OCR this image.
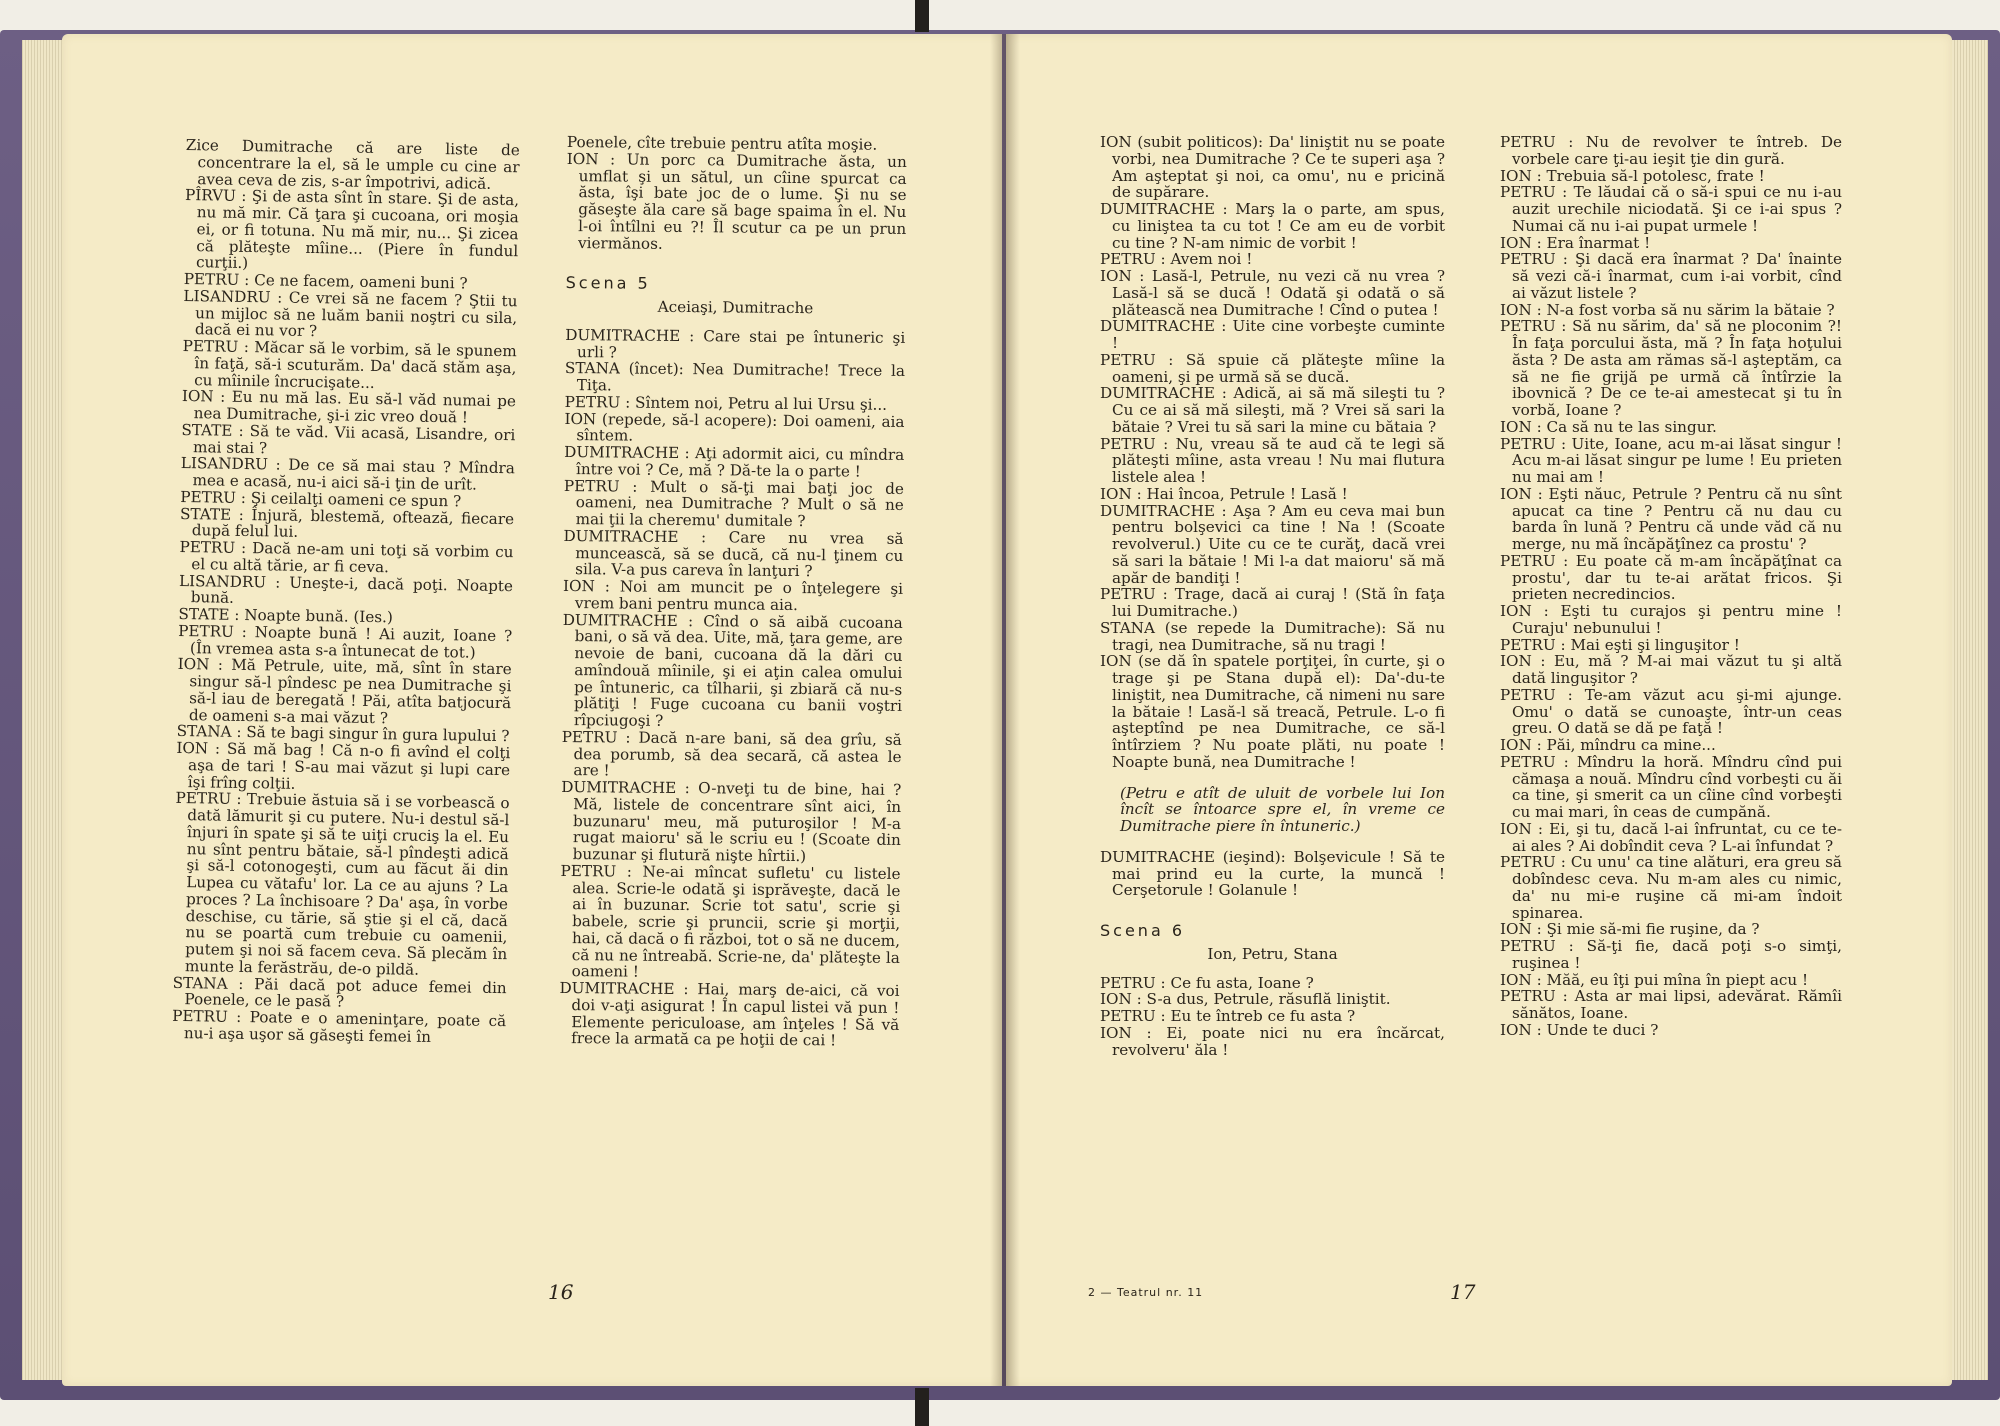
Zice Dumitrache că are liste de concentrare la el, să le umple cu cine ar avea ceva de zis, s-ar împotrivi, adică.

PÎRVU : Şi de asta sînt în stare. Şi de asta, nu mă mir. Că ţara şi cucoana, ori moşia ei, or fi totuna. Nu mă mir, nu... Şi zicea că plăteşte mîine... (Piere în fundul curţii.)

PETRU : Ce ne facem, oameni buni ?

LISANDRU : Ce vrei să ne facem ? Ştii tu un mijloc să ne luăm banii noştri cu sila, dacă ei nu vor ?

PETRU : Măcar să le vorbim, să le spunem în faţă, să-i scuturăm. Da' dacă stăm aşa, cu mîinile încrucişate...

ION : Eu nu mă las. Eu să-l văd numai pe nea Dumitrache, şi-i zic vreo două !

STATE : Să te văd. Vii acasă, Lisandre, ori mai stai ?

LISANDRU : De ce să mai stau ? Mîndra mea e acasă, nu-i aici să-i ţin de urît.

PETRU : Şi ceilalţi oameni ce spun ?

STATE : Înjură, blestemă, oftează, fiecare după felul lui.

PETRU : Dacă ne-am uni toţi să vorbim cu el cu altă tărie, ar fi ceva.

LISANDRU : Uneşte-i, dacă poţi. Noapte bună.

STATE : Noapte bună. (Ies.)

PETRU : Noapte bună ! Ai auzit, Ioane ? (În vremea asta s-a întunecat de tot.)

ION : Mă Petrule, uite, mă, sînt în stare singur să-l pîndesc pe nea Dumitrache şi să-l iau de beregată ! Păi, atîta batjocură de oameni s-a mai văzut ?

STANA : Să te bagi singur în gura lupului ?

ION : Să mă bag ! Că n-o fi avînd el colţi aşa de tari ! S-au mai văzut şi lupi care îşi frîng colţii.

PETRU : Trebuie ăstuia să i se vorbească o dată lămurit şi cu putere. Nu-i destul să-l înjuri în spate şi să te uiţi cruciş la el. Eu nu sînt pentru bătaie, să-l pîndeşti adică şi să-l cotonogeşti, cum au făcut ăi din Lupea cu vătafu' lor. La ce au ajuns ? La proces ? La închisoare ? Da' aşa, în vorbe deschise, cu tărie, să ştie şi el că, dacă nu se poartă cum trebuie cu oamenii, putem şi noi să facem ceva. Să plecăm în munte la ferăstrău, de-o pildă.

STANA : Păi dacă pot aduce femei din Poenele, ce le pasă ?

PETRU : Poate e o ameninţare, poate că nu-i aşa uşor să găseşti femei în

Poenele, cîte trebuie pentru atîta moşie.

ION : Un porc ca Dumitrache ăsta, un umflat şi un sătul, un cîine spurcat ca ăsta, îşi bate joc de o lume. Şi nu se găseşte ăla care să bage spaima în el. Nu l-oi întîlni eu ?! Îl scutur ca pe un prun viermănos.

Scena 5

Aceiaşi, Dumitrache

DUMITRACHE : Care stai pe întuneric şi urli ?

STANA (încet): Nea Dumitrache! Trece la Tiţa.

PETRU : Sîntem noi, Petru al lui Ursu şi...

ION (repede, să-l acopere): Doi oameni, aia sîntem.

DUMITRACHE : Aţi adormit aici, cu mîndra între voi ? Ce, mă ? Dă-te la o parte !

PETRU : Mult o să-ţi mai baţi joc de oameni, nea Dumitrache ? Mult o să ne mai ţii la cheremu' dumitale ?

DUMITRACHE : Care nu vrea să muncească, să se ducă, că nu-l ţinem cu sila. V-a pus careva în lanţuri ?

ION : Noi am muncit pe o înţelegere şi vrem bani pentru munca aia.

DUMITRACHE : Cînd o să aibă cucoana bani, o să vă dea. Uite, mă, ţara geme, are nevoie de bani, cucoana dă la dări cu amîndouă mîinile, şi ei aţin calea omului pe întuneric, ca tîlharii, şi zbiară că nu-s plătiţi ! Fuge cucoana cu banii voştri rîpciugoşi ?

PETRU : Dacă n-are bani, să dea grîu, să dea porumb, să dea secară, că astea le are !

DUMITRACHE : O-nveţi tu de bine, hai ? Mă, listele de concentrare sînt aici, în buzunaru' meu, mă puturoşilor ! M-a rugat maioru' să le scriu eu ! (Scoate din buzunar şi flutură nişte hîrtii.)

PETRU : Ne-ai mîncat sufletu' cu listele alea. Scrie-le odată şi isprăveşte, dacă le ai în buzunar. Scrie tot satu', scrie şi babele, scrie şi pruncii, scrie şi morţii, hai, că dacă o fi război, tot o să ne ducem, că nu ne întreabă. Scrie-ne, da' plăteşte la oameni !

DUMITRACHE : Hai, marş de-aici, că voi doi v-aţi asigurat ! În capul listei vă pun ! Elemente periculoase, am înţeles ! Să vă frece la armată ca pe hoţii de cai !

16

ION (subit politicos): Da' liniştit nu se poate vorbi, nea Dumitrache ? Ce te superi aşa ? Am aşteptat şi noi, ca omu', nu e pricină de supărare.

DUMITRACHE : Marş la o parte, am spus, cu liniştea ta cu tot ! Ce am eu de vorbit cu tine ? N-am nimic de vorbit !

PETRU : Avem noi !

ION : Lasă-l, Petrule, nu vezi că nu vrea ? Lasă-l să se ducă ! Odată şi odată o să plătească nea Dumitrache ! Cînd o putea !

DUMITRACHE : Uite cine vorbeşte cuminte !

PETRU : Să spuie că plăteşte mîine la oameni, şi pe urmă să se ducă.

DUMITRACHE : Adică, ai să mă sileşti tu ? Cu ce ai să mă sileşti, mă ? Vrei să sari la bătaie ? Vrei tu să sari la mine cu bătaia ?

PETRU : Nu, vreau să te aud că te legi să plăteşti mîine, asta vreau ! Nu mai flutura listele alea !

ION : Hai încoa, Petrule ! Lasă !

DUMITRACHE : Aşa ? Am eu ceva mai bun pentru bolşevici ca tine ! Na ! (Scoate revolverul.) Uite cu ce te curăţ, dacă vrei să sari la bătaie ! Mi l-a dat maioru' să mă apăr de bandiţi !

PETRU : Trage, dacă ai curaj ! (Stă în faţa lui Dumitrache.)

STANA (se repede la Dumitrache): Să nu tragi, nea Dumitrache, să nu tragi !

ION (se dă în spatele porţiţei, în curte, şi o trage şi pe Stana după el): Da'-du-te liniştit, nea Dumitrache, că nimeni nu sare la bătaie ! Lasă-l să treacă, Petrule. L-o fi aşteptînd pe nea Dumitrache, ce să-l întîrziem ? Nu poate plăti, nu poate ! Noapte bună, nea Dumitrache !

(Petru e atît de uluit de vorbele lui Ion încît se întoarce spre el, în vreme ce Dumitrache piere în întuneric.)

DUMITRACHE (ieşind): Bolşevicule ! Să te mai prind eu la curte, la muncă ! Cerşetorule ! Golanule !

Scena 6

Ion, Petru, Stana

PETRU : Ce fu asta, Ioane ?

ION : S-a dus, Petrule, răsuflă liniştit.

PETRU : Eu te întreb ce fu asta ?

ION : Ei, poate nici nu era încărcat, revolveru' ăla !

PETRU : Nu de revolver te întreb. De vorbele care ţi-au ieşit ţie din gură.

ION : Trebuia să-l potolesc, frate !

PETRU : Te lăudai că o să-i spui ce nu i-au auzit urechile niciodată. Şi ce i-ai spus ? Numai că nu i-ai pupat urmele !

ION : Era înarmat !

PETRU : Şi dacă era înarmat ? Da' înainte să vezi că-i înarmat, cum i-ai vorbit, cînd ai văzut listele ?

ION : N-a fost vorba să nu sărim la bătaie ?

PETRU : Să nu sărim, da' să ne ploconim ?! În faţa porcului ăsta, mă ? În faţa hoţului ăsta ? De asta am rămas să-l aşteptăm, ca să ne fie grijă pe urmă că întîrzie la ibovnică ? De ce te-ai amestecat şi tu în vorbă, Ioane ?

ION : Ca să nu te las singur.

PETRU : Uite, Ioane, acu m-ai lăsat singur ! Acu m-ai lăsat singur pe lume ! Eu prieten nu mai am !

ION : Eşti năuc, Petrule ? Pentru că nu sînt apucat ca tine ? Pentru că nu dau cu barda în lună ? Pentru că unde văd că nu merge, nu mă încăpăţînez ca prostu' ?

PETRU : Eu poate că m-am încăpăţînat ca prostu', dar tu te-ai arătat fricos. Şi prieten necredincios.

ION : Eşti tu curajos şi pentru mine ! Curaju' nebunului !

PETRU : Mai eşti şi linguşitor !

ION : Eu, mă ? M-ai mai văzut tu şi altă dată linguşitor ?

PETRU : Te-am văzut acu şi-mi ajunge. Omu' o dată se cunoaşte, într-un ceas greu. O dată se dă pe faţă !

ION : Păi, mîndru ca mine...

PETRU : Mîndru la horă. Mîndru cînd pui cămaşa a nouă. Mîndru cînd vorbeşti cu ăi ca tine, şi smerit ca un cîine cînd vorbeşti cu mai mari, în ceas de cumpănă.

ION : Ei, şi tu, dacă l-ai înfruntat, cu ce te-ai ales ? Ai dobîndit ceva ? L-ai înfundat ?

PETRU : Cu unu' ca tine alături, era greu să dobîndesc ceva. Nu m-am ales cu nimic, da' nu mi-e ruşine că mi-am îndoit spinarea.

ION : Şi mie să-mi fie ruşine, da ?

PETRU : Să-ţi fie, dacă poţi s-o simţi, ruşinea !

ION : Măă, eu îţi pui mîna în piept acu !

PETRU : Asta ar mai lipsi, adevărat. Rămîi sănătos, Ioane.

ION : Unde te duci ?

2 — Teatrul nr. 11	17
